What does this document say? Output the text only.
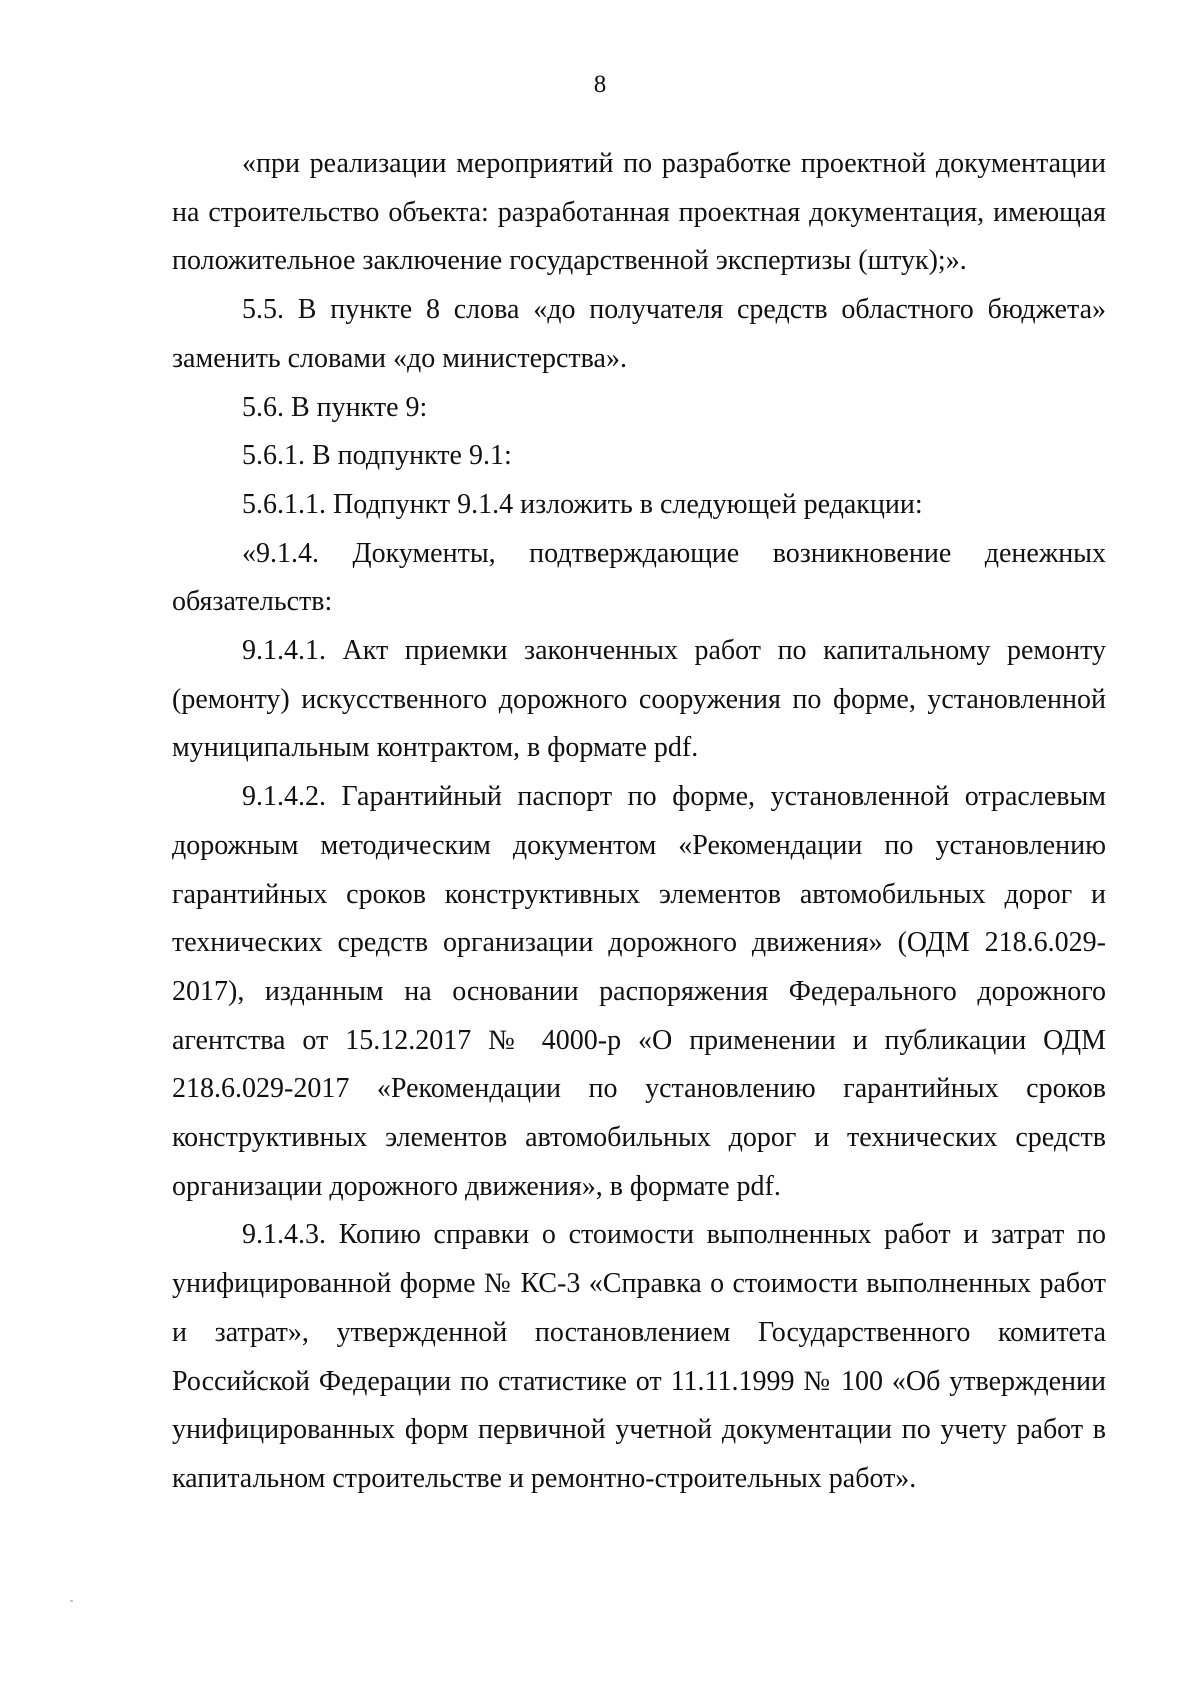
8

«при реализации мероприятий по разработке проектной документации на строительство объекта: разработанная проектная документация, имеющая положительное заключение государственной экспертизы (штук);».

5.5. В пункте 8 слова «до получателя средств областного бюджета» заменить словами «до министерства».

5.6. В пункте 9:

5.6.1. В подпункте 9.1:

5.6.1.1. Подпункт 9.1.4 изложить в следующей редакции:

«9.1.4. Документы, подтверждающие возникновение денежных обязательств:

9.1.4.1. Акт приемки законченных работ по капитальному ремонту (ремонту) искусственного дорожного сооружения по форме, установленной муниципальным контрактом, в формате pdf.

9.1.4.2. Гарантийный паспорт по форме, установленной отраслевым дорожным методическим документом «Рекомендации по установлению гарантийных сроков конструктивных элементов автомобильных дорог и технических средств организации дорожного движения» (ОДМ 218.6.029-2017), изданным на основании распоряжения Федерального дорожного агентства от 15.12.2017 № 4000-р «О применении и публикации ОДМ 218.6.029-2017 «Рекомендации по установлению гарантийных сроков конструктивных элементов автомобильных дорог и технических средств организации дорожного движения», в формате pdf.

9.1.4.3. Копию справки о стоимости выполненных работ и затрат по унифицированной форме № КС-3 «Справка о стоимости выполненных работ и затрат», утвержденной постановлением Государственного комитета Российской Федерации по статистике от 11.11.1999 № 100 «Об утверждении унифицированных форм первичной учетной документации по учету работ в капитальном строительстве и ремонтно-строительных работ».
